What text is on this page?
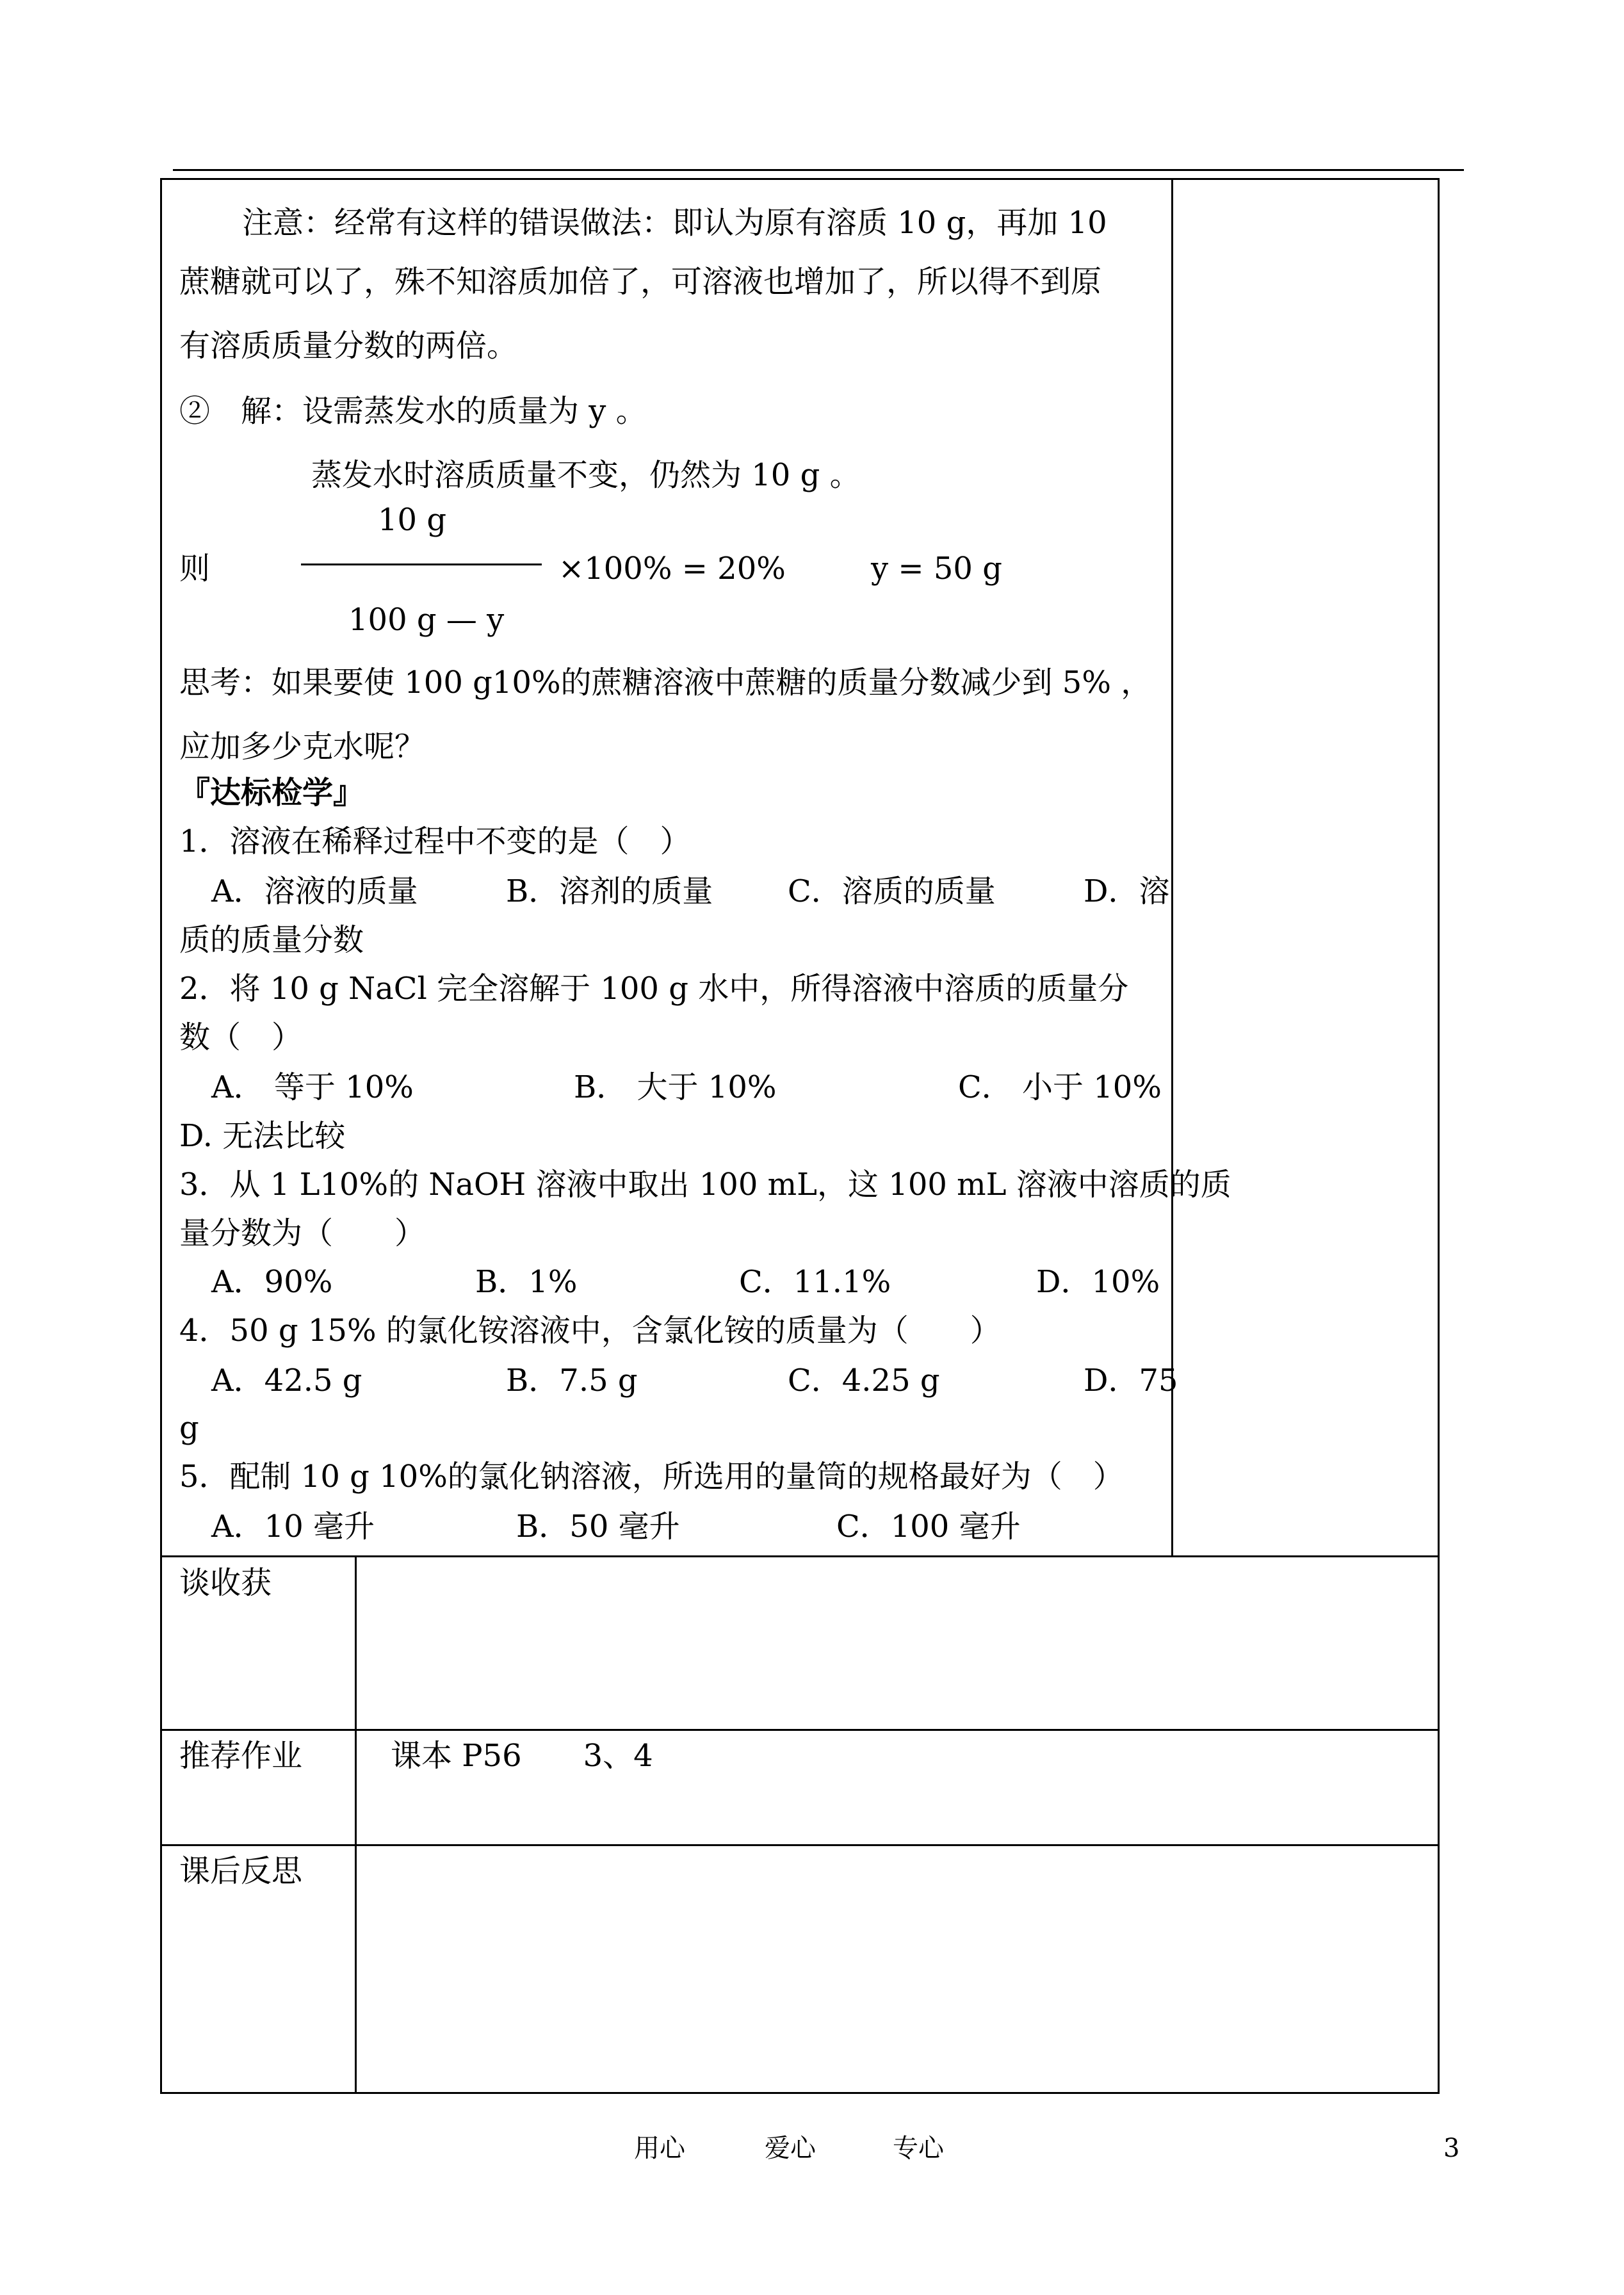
注意：经常有这样的错误做法：即认为原有溶质 10 g，再加 10
蔗糖就可以了，殊不知溶质加倍了，可溶液也增加了，所以得不到原
有溶质质量分数的两倍。
②　解：设需蒸发水的质量为 y 。
蒸发水时溶质质量不变，仍然为 10 g 。
10 g
则	×100% = 20%	y = 50 g
100 g — y
思考：如果要使 100 g10%的蔗糖溶液中蔗糖的质量分数减少到 5% ，
应加多少克水呢？
『达标检学』
1．溶液在稀释过程中不变的是（　）
A．溶液的质量	B．溶剂的质量 C．溶质的质量	D．溶
质的质量分数
2．将 10 g NaCl 完全溶解于 100 g 水中，所得溶液中溶质的质量分
数（　）
A． 等于 10%	B． 大于 10%	C． 小于 10%
D. 无法比较
3．从 1 L10%的 NaOH 溶液中取出 100 mL，这 100 mL 溶液中溶质的质
量分数为（　　）
A．90%	B．1%	C．11.1%	D．10%
4．50 g 15% 的氯化铵溶液中，含氯化铵的质量为（　　）
A．42.5 g	B．7.5 g	C．4.25 g	D．75
g
5．配制 10 g 10%的氯化钠溶液，所选用的量筒的规格最好为（　）
A．10 毫升	B．50 毫升	C．100 毫升
谈收获
推荐作业	课本 P56　　3、4
课后反思
用心	爱心	专心	3
